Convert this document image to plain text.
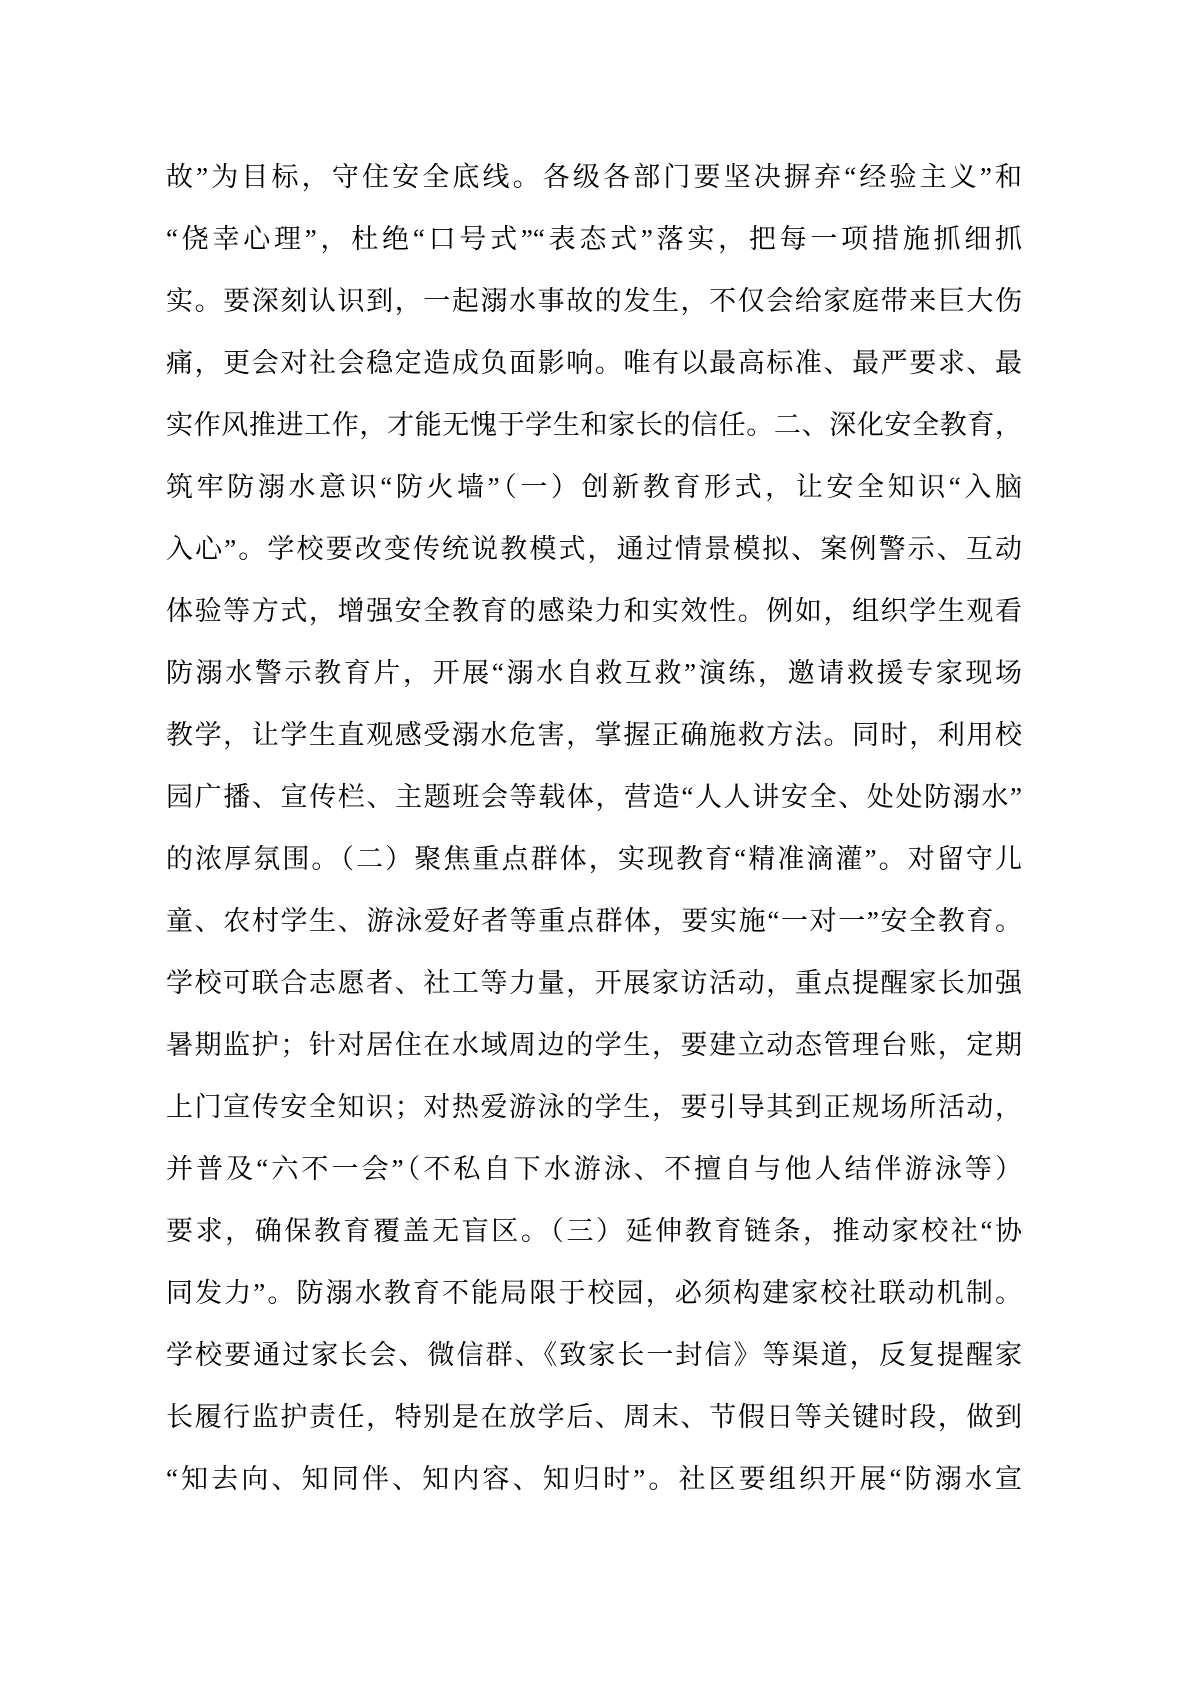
故”为目标，守住安全底线。各级各部门要坚决摒弃“经验主义”和
“侥幸心理”，杜绝“口号式”“表态式”落实，把每一项措施抓细抓
实。要深刻认识到，一起溺水事故的发生，不仅会给家庭带来巨大伤
痛，更会对社会稳定造成负面影响。唯有以最高标准、最严要求、最
实作风推进工作，才能无愧于学生和家长的信任。二、深化安全教育，
筑牢防溺水意识“防火墙”（一）创新教育形式，让安全知识“入脑
入心”。学校要改变传统说教模式，通过情景模拟、案例警示、互动
体验等方式，增强安全教育的感染力和实效性。例如，组织学生观看
防溺水警示教育片，开展“溺水自救互救”演练，邀请救援专家现场
教学，让学生直观感受溺水危害，掌握正确施救方法。同时，利用校
园广播、宣传栏、主题班会等载体，营造“人人讲安全、处处防溺水”
的浓厚氛围。（二）聚焦重点群体，实现教育“精准滴灌”。对留守儿
童、农村学生、游泳爱好者等重点群体，要实施“一对一”安全教育。
学校可联合志愿者、社工等力量，开展家访活动，重点提醒家长加强
暑期监护；针对居住在水域周边的学生，要建立动态管理台账，定期
上门宣传安全知识；对热爱游泳的学生，要引导其到正规场所活动，
并普及“六不一会”（不私自下水游泳、不擅自与他人结伴游泳等）
要求，确保教育覆盖无盲区。（三）延伸教育链条，推动家校社“协
同发力”。防溺水教育不能局限于校园，必须构建家校社联动机制。
学校要通过家长会、微信群、《致家长一封信》等渠道，反复提醒家
长履行监护责任，特别是在放学后、周末、节假日等关键时段，做到
“知去向、知同伴、知内容、知归时”。社区要组织开展“防溺水宣
